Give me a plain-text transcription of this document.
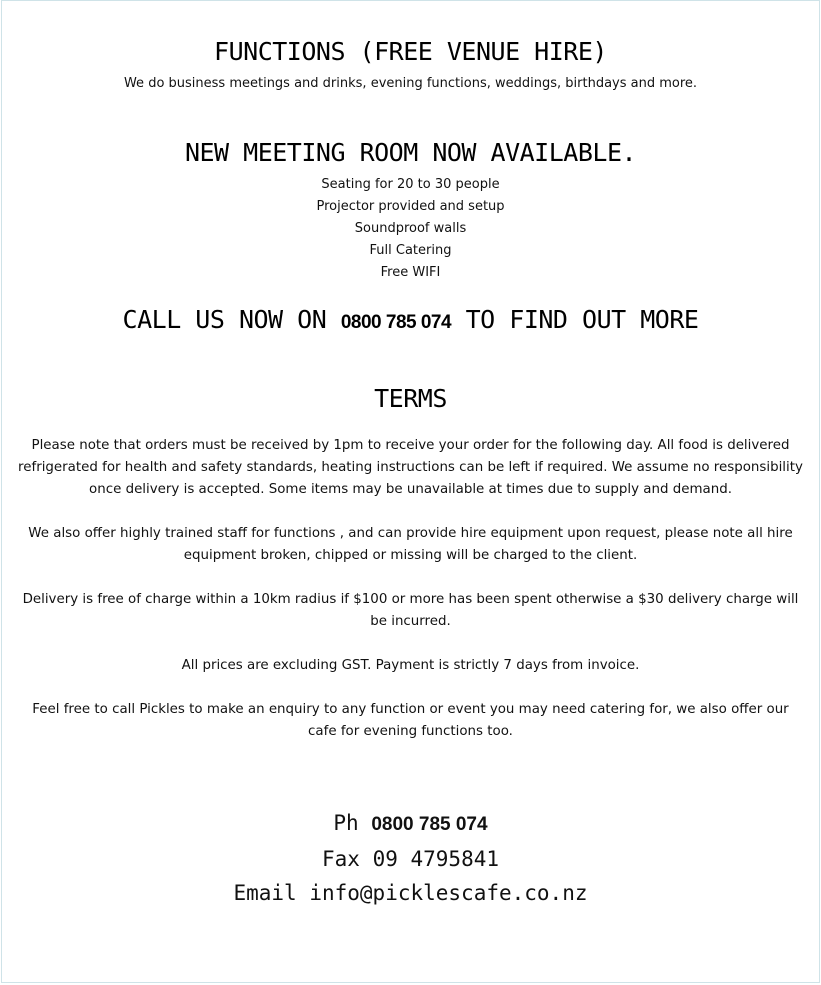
FUNCTIONS (FREE VENUE HIRE)
We do business meetings and drinks, evening functions, weddings, birthdays and more.
NEW MEETING ROOM NOW AVAILABLE.
Seating for 20 to 30 people
Projector provided and setup
Soundproof walls
Full Catering
Free WIFI
CALL US NOW ON 0800 785 074 TO FIND OUT MORE
TERMS

Please note that orders must be received by 1pm to receive your order for the following day. All food is delivered refrigerated for health and safety standards, heating instructions can be left if required. We assume no responsibility once delivery is accepted. Some items may be unavailable at times due to supply and demand.

We also offer highly trained staff for functions , and can provide hire equipment upon request, please note all hire equipment broken, chipped or missing will be charged to the client.

Delivery is free of charge within a 10km radius if $100 or more has been spent otherwise a $30 delivery charge will be incurred.

All prices are excluding GST. Payment is strictly 7 days from invoice.

Feel free to call Pickles to make an enquiry to any function or event you may need catering for, we also offer our cafe for evening functions too.

Ph 0800 785 074
Fax 09 4795841
Email info@picklescafe.co.nz
